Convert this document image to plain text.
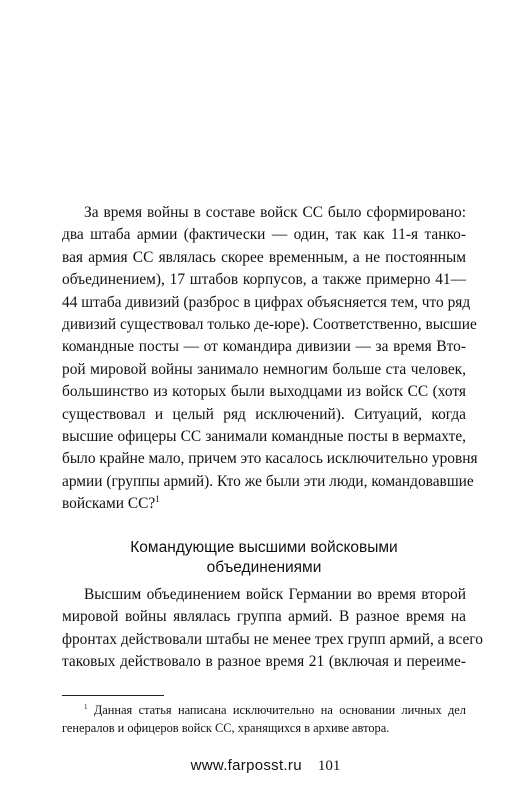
За время войны в составе войск СС было сформировано:
два штаба армии (фактически — один, так как 11-я танко-
вая армия СС являлась скорее временным, а не постоянным
объединением), 17 штабов корпусов, а также примерно 41—
44 штаба дивизий (разброс в цифрах объясняется тем, что ряд
дивизий существовал только де-юре). Соответственно, высшие
командные посты — от командира дивизии — за время Вто-
рой мировой войны занимало немногим больше ста человек,
большинство из которых были выходцами из войск СС (хотя
существовал и целый ряд исключений). Ситуаций, когда
высшие офицеры СС занимали командные посты в вермахте,
было крайне мало, причем это касалось исключительно уровня
армии (группы армий). Кто же были эти люди, командовавшие
войсками СС?$^1$
Командующие высшими войсковыми
объединениями
Высшим объединением войск Германии во время второй
мировой войны являлась группа армий. В разное время на
фронтах действовали штабы не менее трех групп армий, а всего
таковых действовало в разное время 21 (включая и переиме-
$^1$ Данная статья написана исключительно на основании личных дел
генералов и офицеров войск СС, хранящихся в архиве автора.
www.farposst.ru 101
